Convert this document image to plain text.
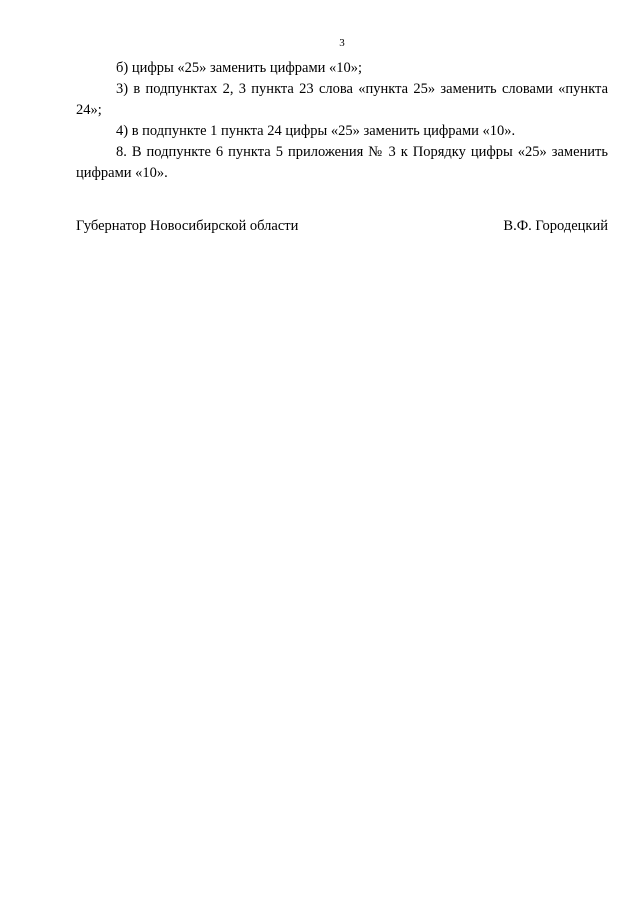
3

б) цифры «25» заменить цифрами «10»;

3) в подпунктах 2, 3 пункта 23 слова «пункта 25» заменить словами «пункта 24»;

4) в подпункте 1 пункта 24 цифры «25» заменить цифрами «10».

8. В подпункте 6 пункта 5 приложения № 3 к Порядку цифры «25» заменить цифрами «10».

Губернатор Новосибирской области	В.Ф. Городецкий
